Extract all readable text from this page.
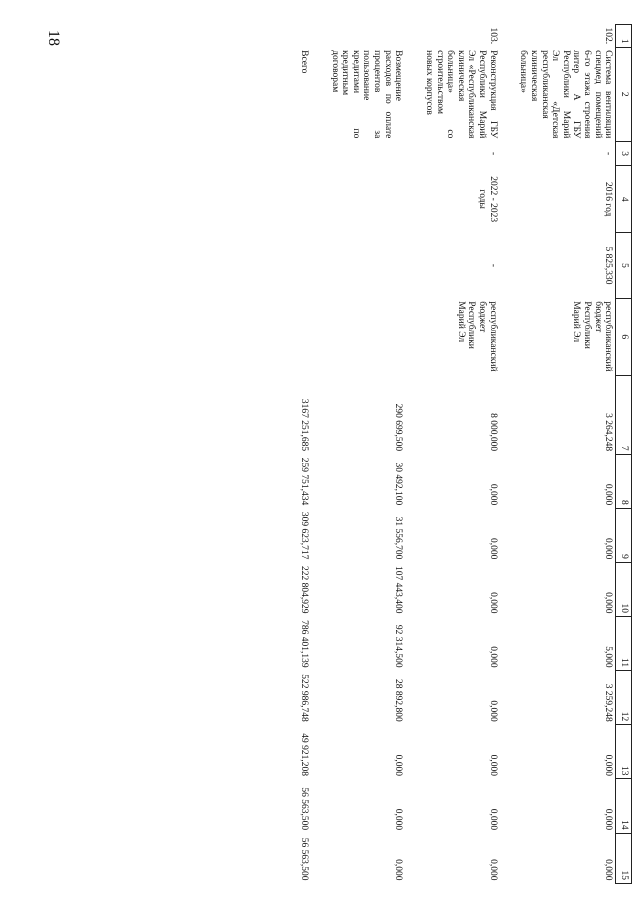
18	1	2	3	4	5	6	7	8	9	10	11	12	13	14	15
102.	Система вентиляции спецмед помещений 6-го этажа строения литер А ГБУ Республики Марий Эл «Детская республиканская клиническая больница»	-	2016 год	5 825,330	республиканский бюджет Республики Марий Эл	3 264,248	0,000	0,000	0,000	5,000	3 259,248	0,000	0,000	0,000
103.	Реконструкция ГБУ Республики Марий Эл «Республиканская клиническая больница» со строительством новых корпусов	-	2022 - 2023 годы	-	республиканский бюджет Республики Марий Эл	8 000,000	0,000	0,000	0,000	0,000	0,000	0,000	0,000	0,000
	Возмещение расходов по оплате процентов за пользование кредитами по кредитным договорам					290 699,500	30 492,100	31 556,700	107 443,400	92 314,500	28 892,800	0,000	0,000	0,000
	Всего					3167 251,685	259 751,434	309 623,717	222 804,929	786 401,139	522 986,748	49 921,208	56 563,500	56 563,500
